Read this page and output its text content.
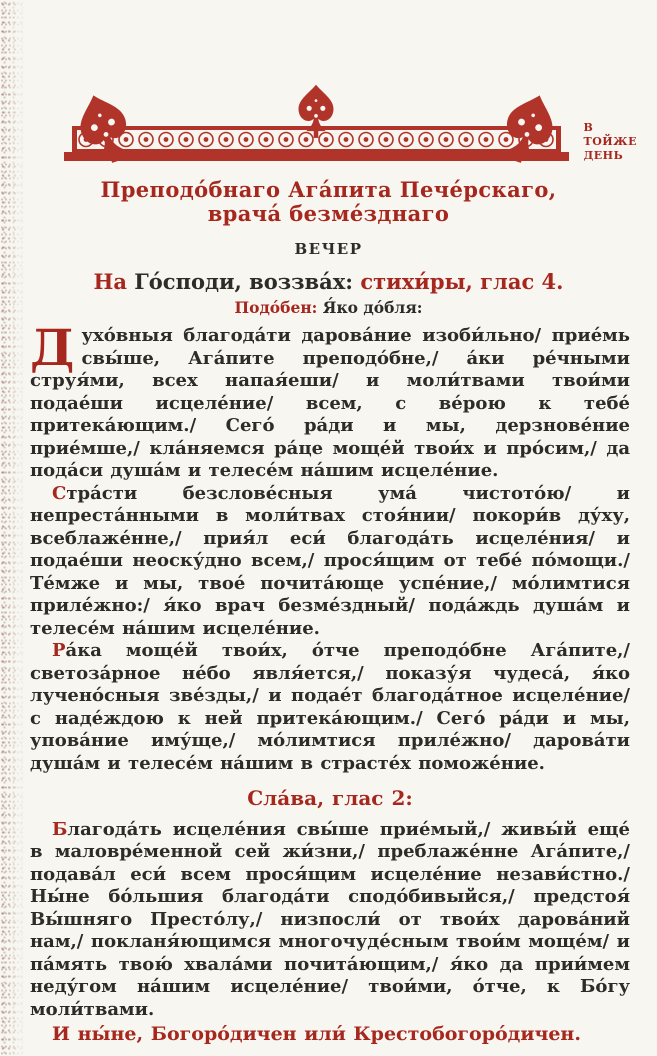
В
ТОЙЖЕ
ДЕНЬ
Преподо́бнаго Ага́пита Пече́рскаго,
врача́ безме́зднаго
ВЕЧЕР
На Го́споди, воззва́х: стихи́ры, глас 4.
Подо́бен: Я́ко до́бля:

Духо́вныя благода́ти дарова́ние изоби́льно/ прие́мь свы́ше, Ага́пите преподо́бне,/ а́ки ре́чными струя́ми, всех напая́еши/ и моли́твами твои́ми подае́ши исцеле́ние/ всем, с ве́рою к тебе́ притека́ющим./ Сего́ ра́ди и мы, дерзнове́ние прие́мше,/ кла́няемся ра́це моще́й твои́х и про́сим,/ да пода́си душа́м и телесе́м на́шим исцеле́ние.

Стра́сти безслове́сныя ума́ чистото́ю/ и непреста́нными в моли́твах стоя́нии/ покори́в ду́ху, всеблаже́нне,/ прия́л еси́ благода́ть исцеле́ния/ и подае́ши неоску́дно всем,/ прося́щим от тебе́ по́мощи./ Те́мже и мы, твое́ почита́юще успе́ние,/ мо́лимтися приле́жно:/ я́ко врач безме́здный/ пода́ждь душа́м и телесе́м на́шим исцеле́ние.

Ра́ка моще́й твои́х, о́тче преподо́бне Ага́пите,/ светоза́рное не́бо явля́ется,/ показу́я чудеса́, я́ко лучено́сныя зве́зды,/ и подае́т благода́тное исцеле́ние/ с наде́ждою к ней притека́ющим./ Сего́ ра́ди и мы, упова́ние иму́ще,/ мо́лимтися приле́жно/ дарова́ти душа́м и телесе́м на́шим в страсте́х поможе́ние.

Сла́ва, глас 2:

Благода́ть исцеле́ния свы́ше прие́мый,/ живы́й еще́ в маловре́менной сей жи́зни,/ преблаже́нне Ага́пите,/ подава́л еси́ всем прося́щим исцеле́ние незави́стно./ Ны́не бо́льшия благода́ти сподо́бивыйся,/ предстоя́ Вы́шняго Престо́лу,/ низпосли́ от твои́х дарова́ний нам,/ покланя́ющимся многочуде́сным твои́м моще́м/ и па́мять твою́ хвала́ми почита́ющим,/ я́ко да прии́мем неду́гом на́шим исцеле́ние/ твои́ми, о́тче, к Бо́гу моли́твами.

И ны́не, Богоро́дичен или́ Крестобогоро́дичен.
